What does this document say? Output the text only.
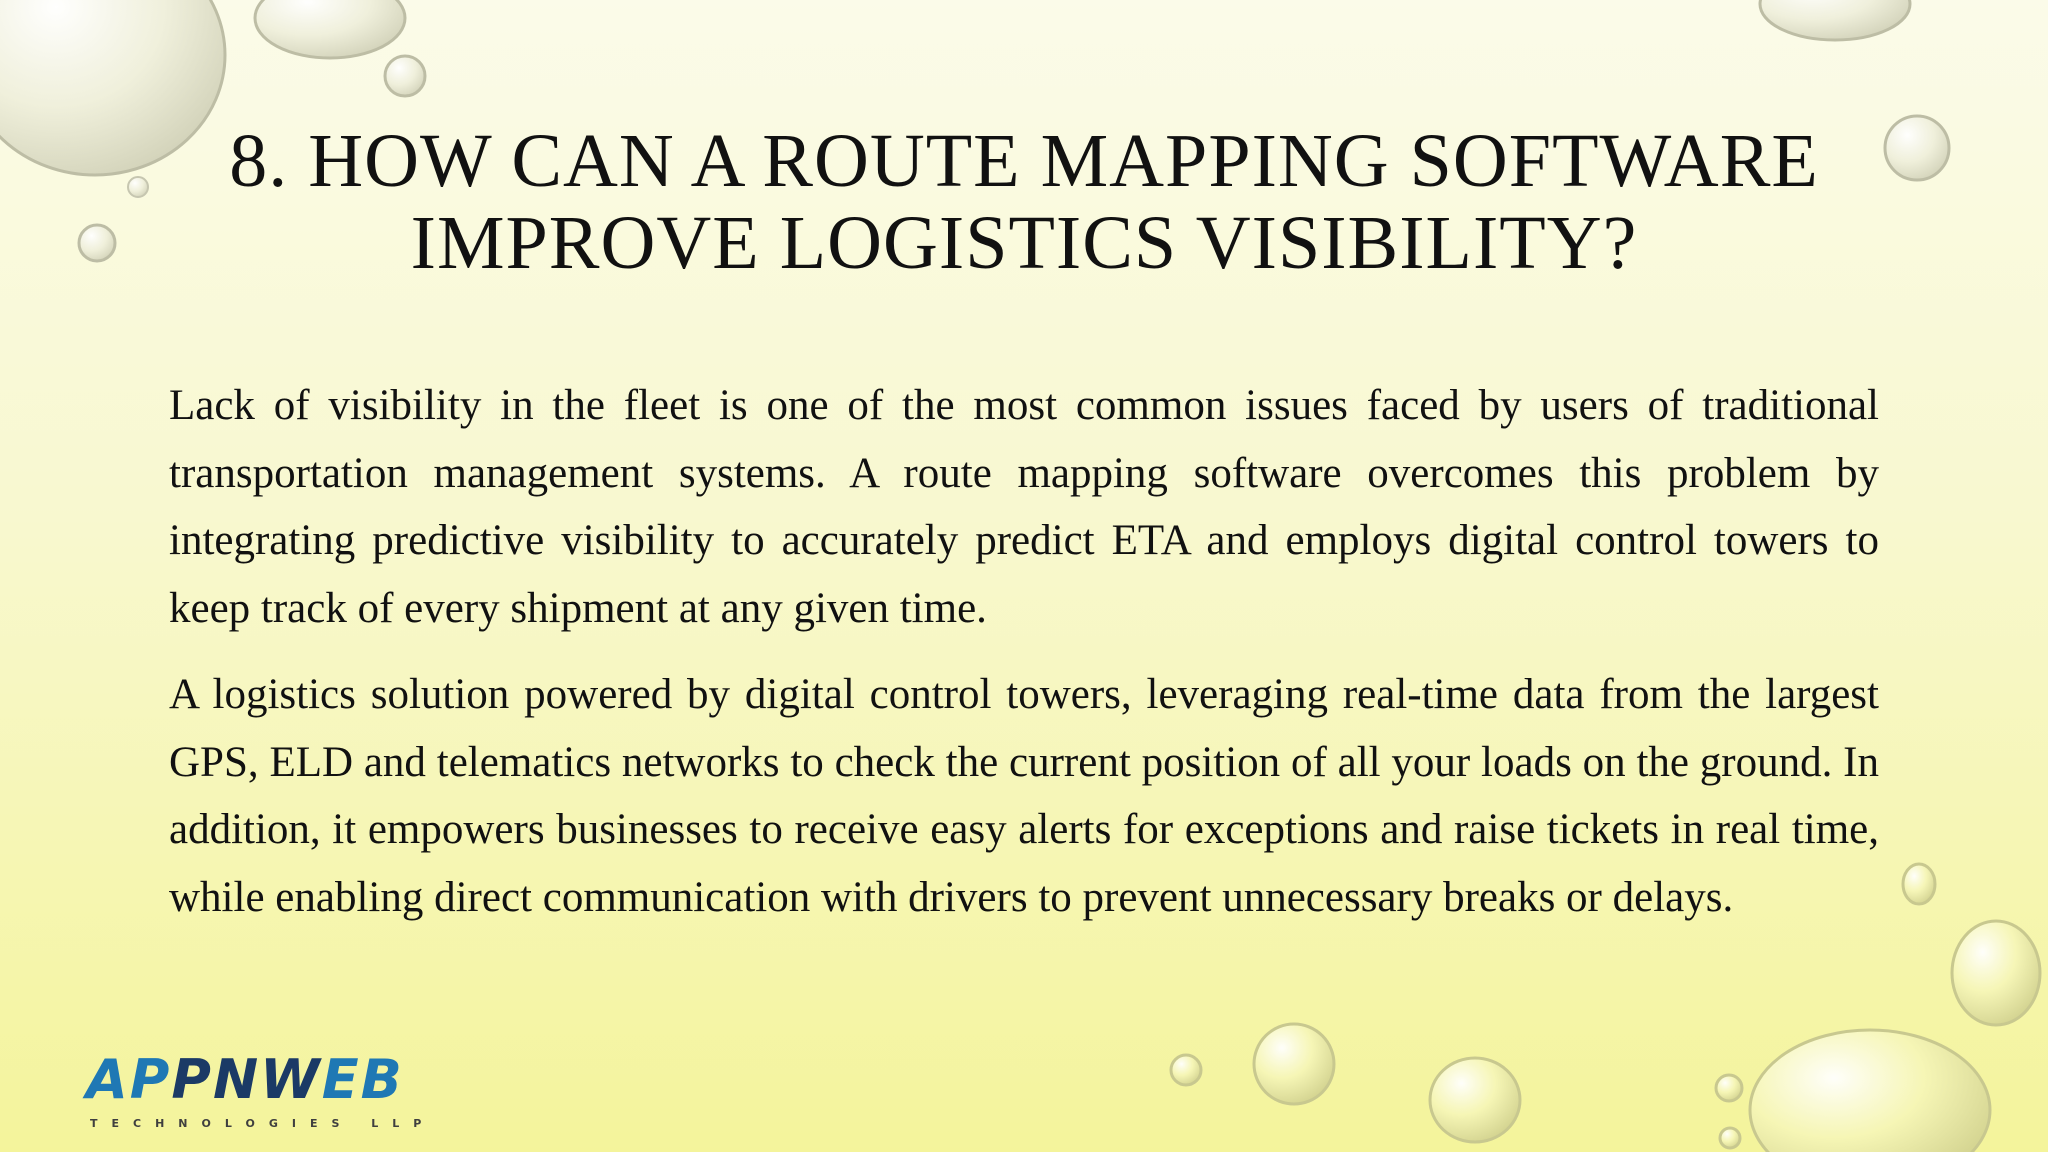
8. HOW CAN A ROUTE MAPPING SOFTWARE
IMPROVE LOGISTICS VISIBILITY?

Lack of visibility in the fleet is one of the most common issues faced by users of traditional transportation management systems. A route mapping software overcomes this problem by integrating predictive visibility to accurately predict ETA and employs digital control towers to keep track of every shipment at any given time.

A logistics solution powered by digital control towers, leveraging real-time data from the largest GPS, ELD and telematics networks to check the current position of all your loads on the ground. In addition, it empowers businesses to receive easy alerts for exceptions and raise tickets in real time, while enabling direct communication with drivers to prevent unnecessary breaks or delays.

APPNWEB
TECHNOLOGIES LLP
